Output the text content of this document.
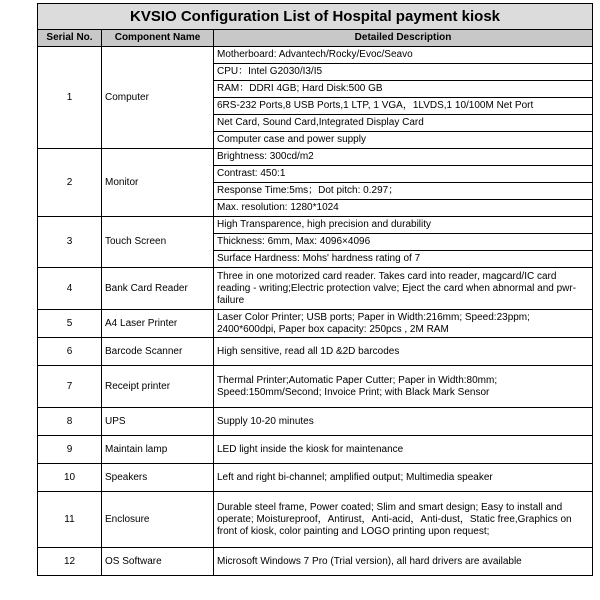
KVSIO Configuration List of Hospital payment kiosk		
Serial No.	Component Name	Detailed Description
1	Computer	Motherboard: Advantech/Rocky/Evoc/Seavo
		CPU：Intel G2030/I3/I5
		RAM：DDRI 4GB; Hard Disk:500 GB
		6RS-232 Ports,8 USB Ports,1 LTP, 1 VGA，1LVDS,1 10/100M Net Port
		Net Card, Sound Card,Integrated Display Card
		Computer case and power supply
2	Monitor	Brightness: 300cd/m2
		Contrast: 450:1
		Response Time:5ms；Dot pitch: 0.297；
		Max. resolution: 1280*1024
3	Touch Screen	High Transparence, high precision and durability
		Thickness: 6mm, Max: 4096×4096
		Surface Hardness: Mohs' hardness rating of 7
4	Bank Card Reader	Three in one motorized card reader. Takes card into reader, magcard/IC card reading - writing;Electric protection valve; Eject the card when abnormal and pwr-failure
5	A4 Laser Printer	Laser Color Printer; USB ports; Paper in Width:216mm; Speed:23ppm; 2400*600dpi, Paper box capacity: 250pcs , 2M RAM
6	Barcode Scanner	High sensitive, read all 1D &2D barcodes
7	Receipt printer	Thermal Printer;Automatic Paper Cutter; Paper in Width:80mm; Speed:150mm/Second; Invoice Print; with Black Mark Sensor
8	UPS	Supply 10-20 minutes
9	Maintain lamp	LED light inside the kiosk for maintenance
10	Speakers	Left and right bi-channel; amplified output; Multimedia speaker
11	Enclosure	Durable steel frame, Power coated; Slim and smart design; Easy to install and operate; Moistureproof，Antirust，Anti-acid，Anti-dust，Static free,Graphics on front of kiosk, color painting and LOGO printing upon request;
12	OS Software	Microsoft Windows 7 Pro (Trial version), all hard drivers are available
